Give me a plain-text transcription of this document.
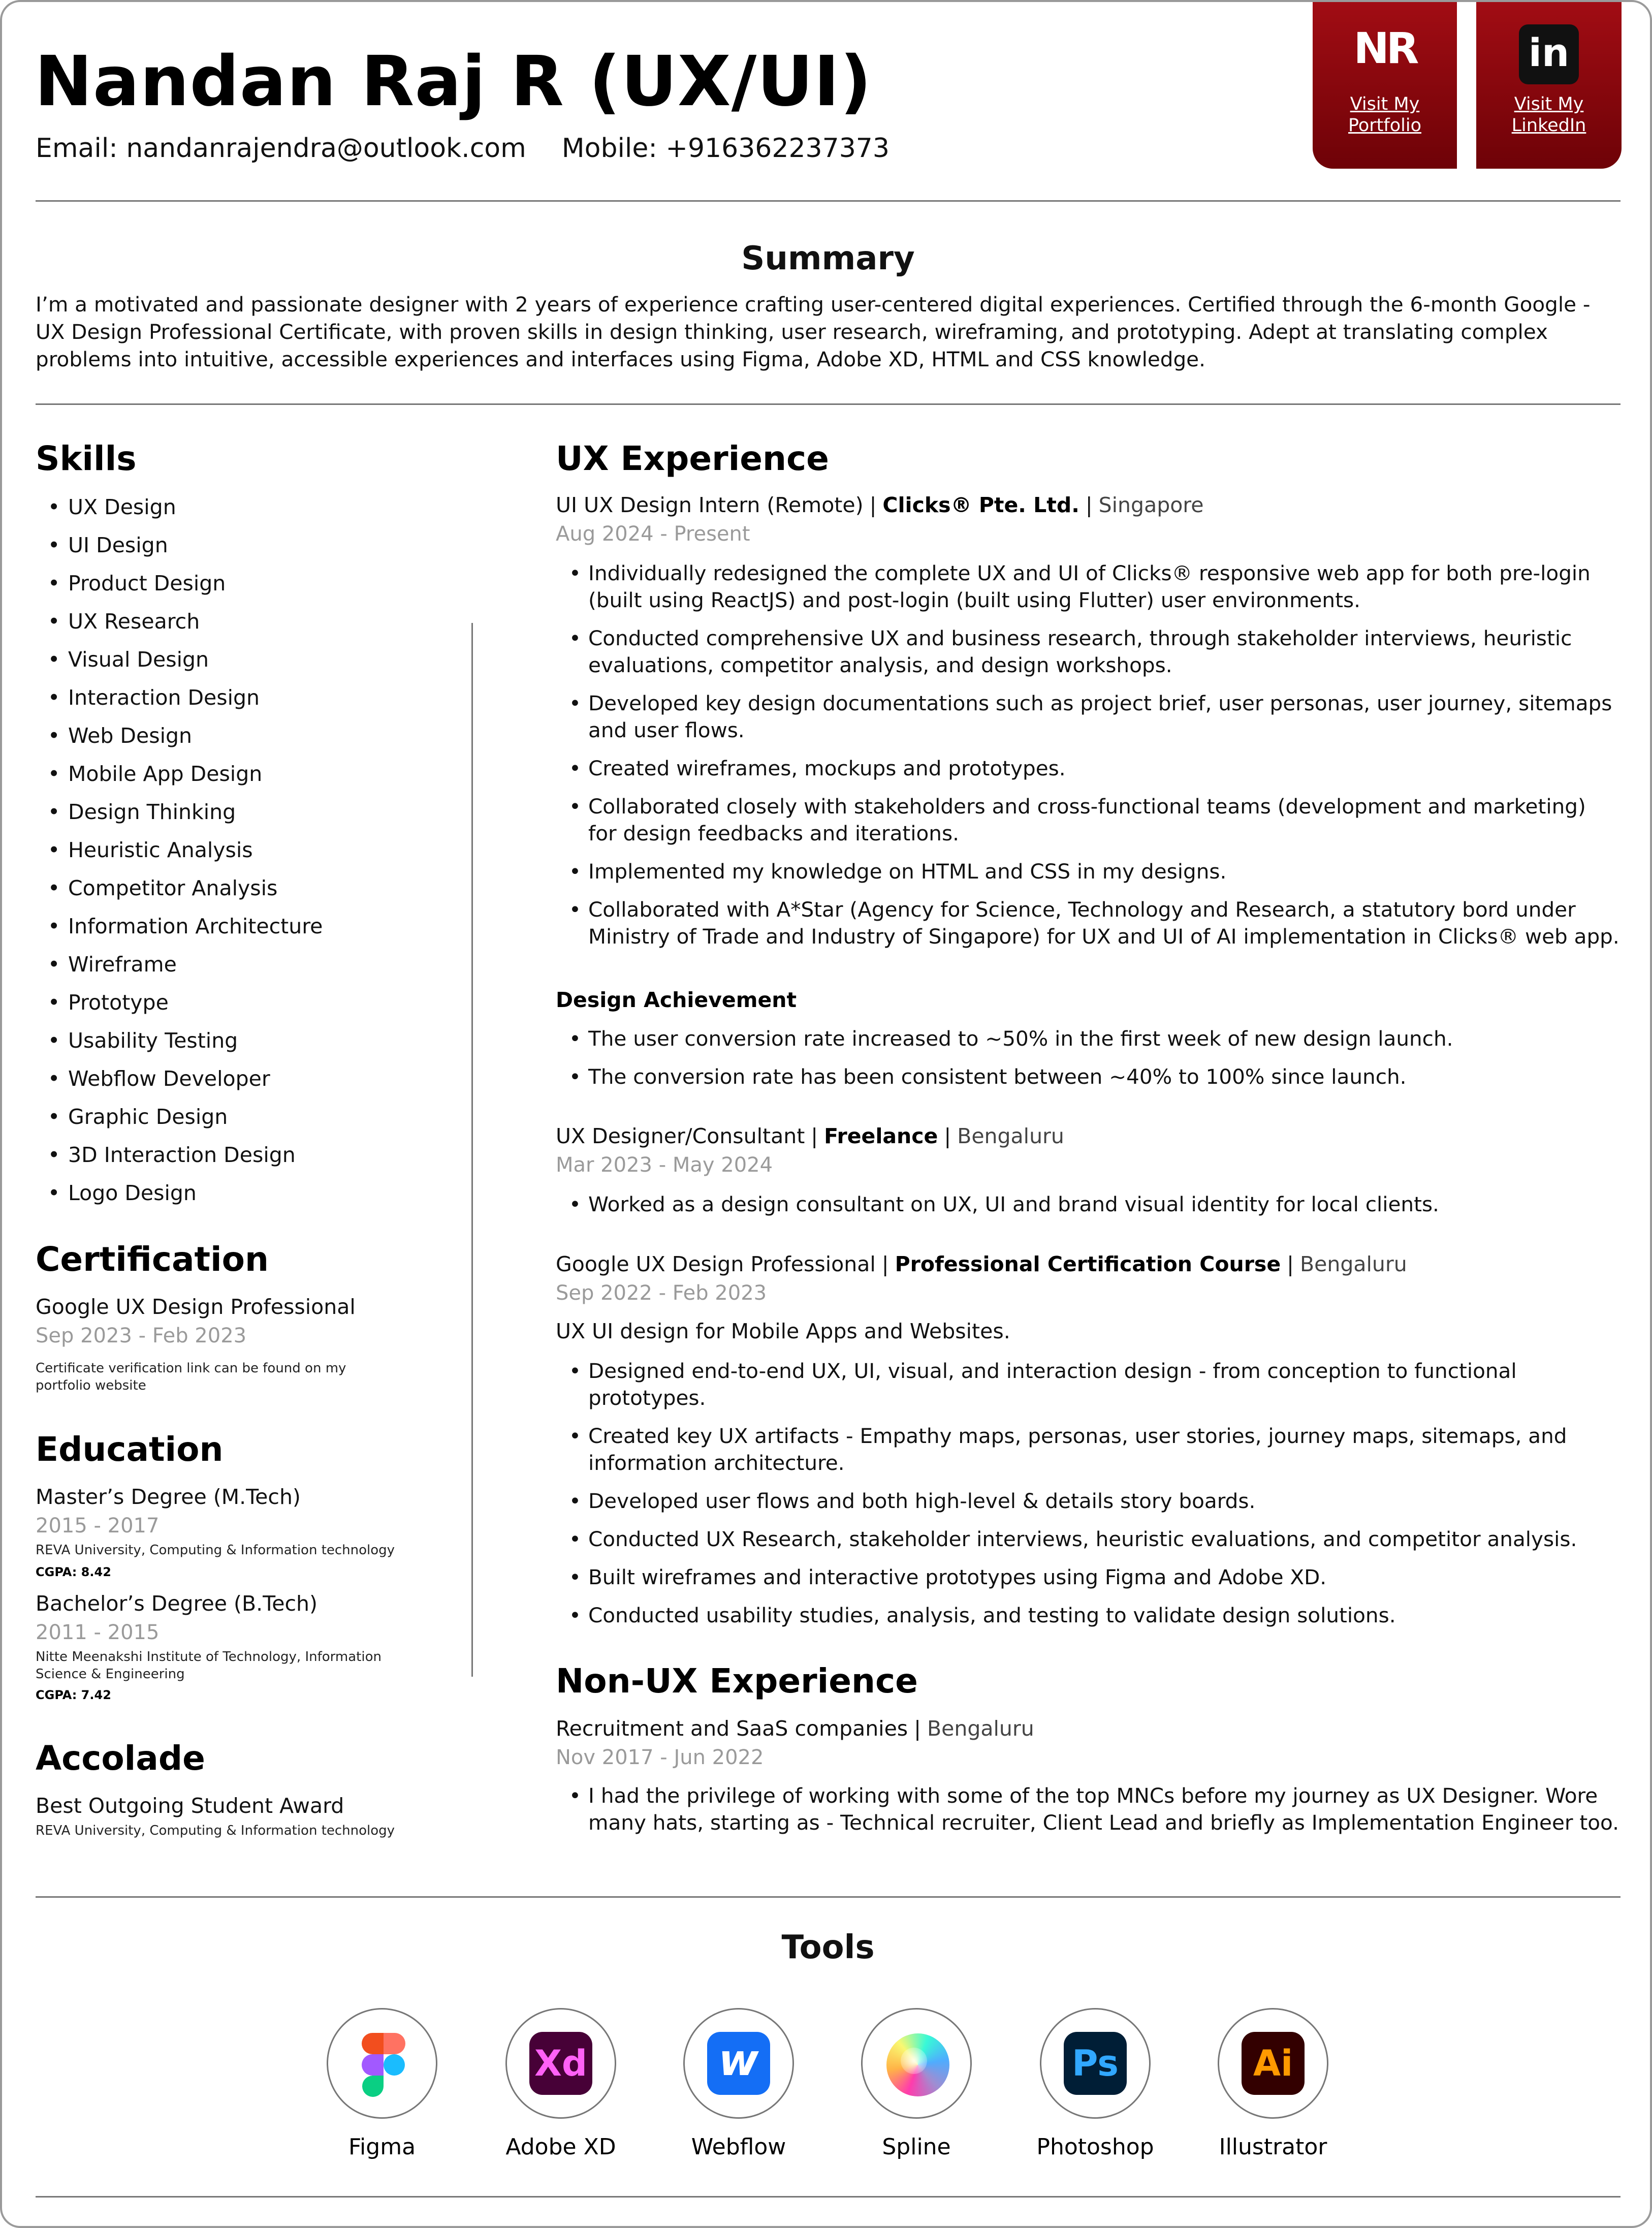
Nandan Raj R (UX/UI)
Email: nandanrajendra@outlook.com Mobile: +916362237373
NR
Visit My
Portfolio
in
Visit My
LinkedIn
Summary
I’m a motivated and passionate designer with 2 years of experience crafting user-centered digital experiences. Certified through the 6-month Google - UX Design Professional Certificate, with proven skills in design thinking, user research, wireframing, and prototyping. Adept at translating complex problems into intuitive, accessible experiences and interfaces using Figma, Adobe XD, HTML and CSS knowledge.
Skills
• UX Design
• UI Design
• Product Design
• UX Research
• Visual Design
• Interaction Design
• Web Design
• Mobile App Design
• Design Thinking
• Heuristic Analysis
• Competitor Analysis
• Information Architecture
• Wireframe
• Prototype
• Usability Testing
• Webflow Developer
• Graphic Design
• 3D Interaction Design
• Logo Design
Certification
Google UX Design Professional
Sep 2023 - Feb 2023
Certificate verification link can be found on my portfolio website
Education
Master’s Degree (M.Tech)
2015 - 2017
REVA University, Computing & Information technology
CGPA: 8.42
Bachelor’s Degree (B.Tech)
2011 - 2015
Nitte Meenakshi Institute of Technology, Information Science & Engineering
CGPA: 7.42
Accolade
Best Outgoing Student Award
REVA University, Computing & Information technology
UX Experience
UI UX Design Intern (Remote) | Clicks® Pte. Ltd. | Singapore
Aug 2024 - Present
• Individually redesigned the complete UX and UI of Clicks® responsive web app for both pre-login (built using ReactJS) and post-login (built using Flutter) user environments.
• Conducted comprehensive UX and business research, through stakeholder interviews, heuristic evaluations, competitor analysis, and design workshops.
• Developed key design documentations such as project brief, user personas, user journey, sitemaps and user flows.
• Created wireframes, mockups and prototypes.
• Collaborated closely with stakeholders and cross-functional teams (development and marketing) for design feedbacks and iterations.
• Implemented my knowledge on HTML and CSS in my designs.
• Collaborated with A*Star (Agency for Science, Technology and Research, a statutory bord under Ministry of Trade and Industry of Singapore) for UX and UI of AI implementation in Clicks® web app.
Design Achievement
• The user conversion rate increased to ~50% in the first week of new design launch.
• The conversion rate has been consistent between ~40% to 100% since launch.
UX Designer/Consultant | Freelance | Bengaluru
Mar 2023 - May 2024
• Worked as a design consultant on UX, UI and brand visual identity for local clients.
Google UX Design Professional | Professional Certification Course | Bengaluru
Sep 2022 - Feb 2023
UX UI design for Mobile Apps and Websites.
• Designed end-to-end UX, UI, visual, and interaction design - from conception to functional prototypes.
• Created key UX artifacts - Empathy maps, personas, user stories, journey maps, sitemaps, and information architecture.
• Developed user flows and both high-level & details story boards.
• Conducted UX Research, stakeholder interviews, heuristic evaluations, and competitor analysis.
• Built wireframes and interactive prototypes using Figma and Adobe XD.
• Conducted usability studies, analysis, and testing to validate design solutions.
Non-UX Experience
Recruitment and SaaS companies | Bengaluru
Nov 2017 - Jun 2022
• I had the privilege of working with some of the top MNCs before my journey as UX Designer. Wore many hats, starting as - Technical recruiter, Client Lead and briefly as Implementation Engineer too.
Tools
Figma
Xd
Adobe XD
w
Webflow	Spline
Ps
Photoshop
Ai
Illustrator
